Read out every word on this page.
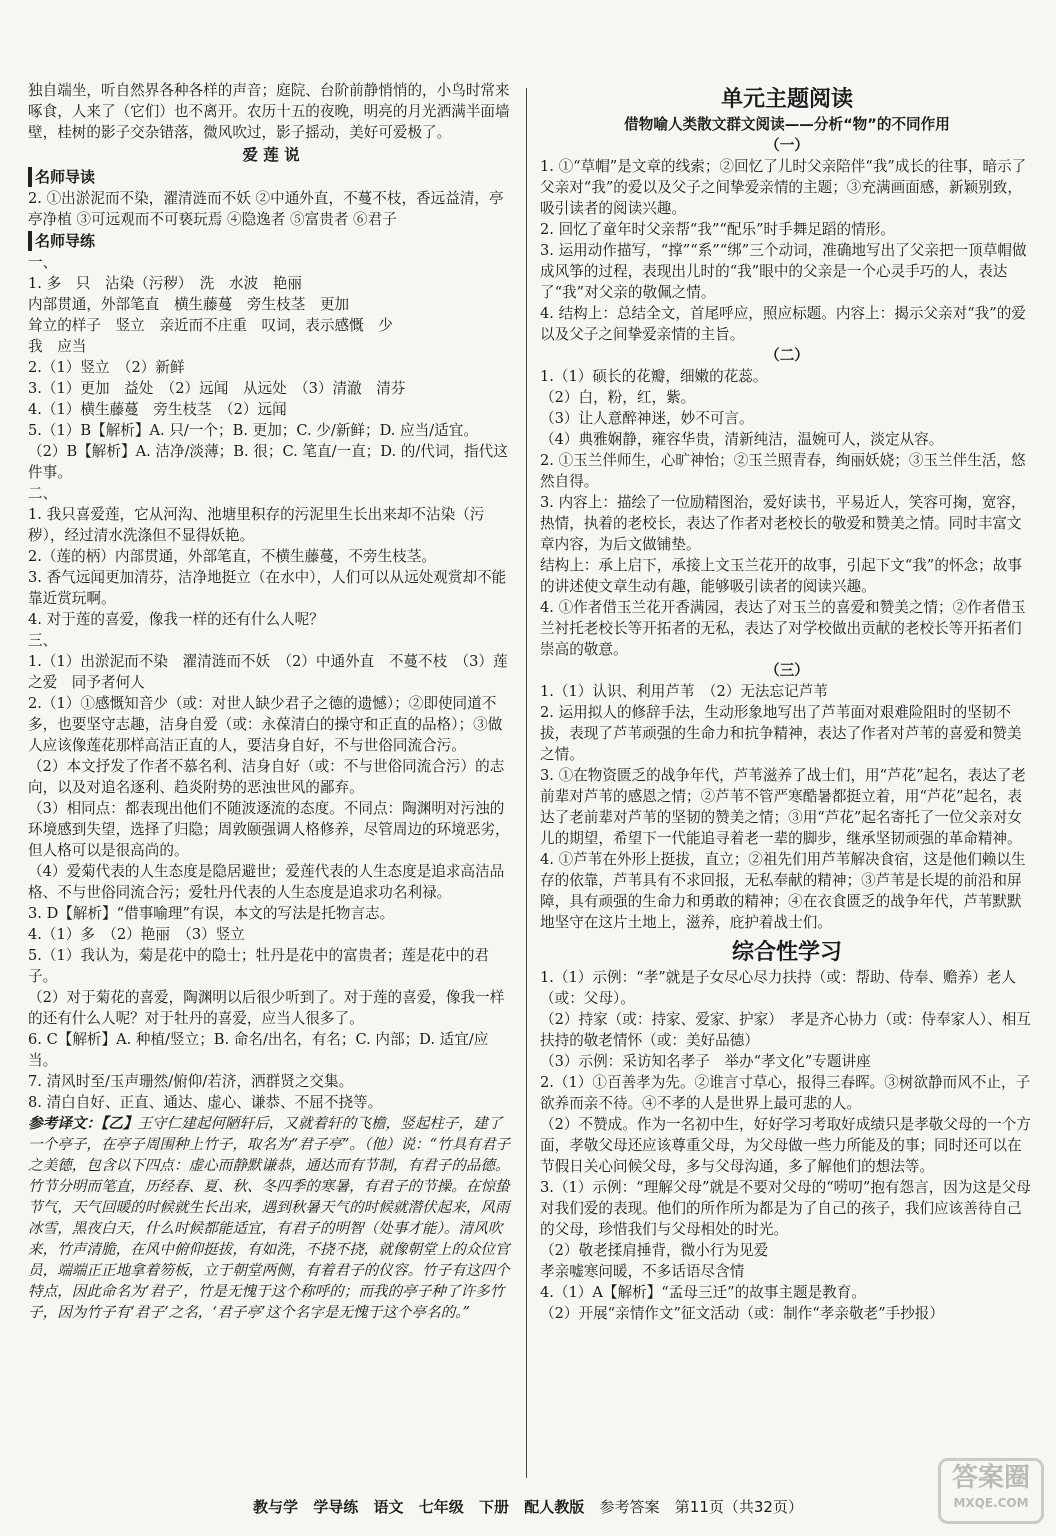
独自端坐，听自然界各种各样的声音；庭院、台阶前静悄悄的，小鸟时常来啄食，人来了（它们）也不离开。农历十五的夜晚，明亮的月光洒满半面墙壁，桂树的影子交杂错落，微风吹过，影子摇动，美好可爱极了。

爱 莲 说
名师导读

2. ①出淤泥而不染，濯清涟而不妖 ②中通外直，不蔓不枝，香远益清，亭亭净植 ③可远观而不可亵玩焉 ④隐逸者 ⑤富贵者 ⑥君子

名师导练

一、

1. 多　只　沾染（污秽）　洗　水波　艳丽

内部贯通，外部笔直　横生藤蔓　旁生枝茎　更加

耸立的样子　竖立　亲近而不庄重　叹词，表示感慨　少

我　应当

2.（1）竖立　（2）新鲜

3.（1）更加　益处　（2）远闻　从远处　（3）清澈　清芬

4.（1）横生藤蔓　旁生枝茎　（2）远闻

5.（1）B【解析】A. 只/一个；B. 更加；C. 少/新鲜；D. 应当/适宜。

（2）B【解析】A. 洁净/淡薄；B. 很；C. 笔直/一直；D. 的/代词，指代这件事。

二、

1. 我只喜爱莲，它从河沟、池塘里积存的污泥里生长出来却不沾染（污秽），经过清水洗涤但不显得妖艳。

2.（莲的柄）内部贯通，外部笔直，不横生藤蔓，不旁生枝茎。

3. 香气远闻更加清芬，洁净地挺立（在水中），人们可以从远处观赏却不能靠近赏玩啊。

4. 对于莲的喜爱，像我一样的还有什么人呢？

三、

1.（1）出淤泥而不染　濯清涟而不妖　（2）中通外直　不蔓不枝　（3）莲之爱　同予者何人

2.（1）①感慨知音少（或：对世人缺少君子之德的遗憾）；②即使同道不多，也要坚守志趣，洁身自爱（或：永葆清白的操守和正直的品格）；③做人应该像莲花那样高洁正直的人，要洁身自好，不与世俗同流合污。

（2）本文抒发了作者不慕名利、洁身自好（或：不与世俗同流合污）的志向，以及对追名逐利、趋炎附势的恶浊世风的鄙弃。

（3）相同点：都表现出他们不随波逐流的态度。不同点：陶渊明对污浊的环境感到失望，选择了归隐；周敦颐强调人格修养，尽管周边的环境恶劣，但人格可以是很高尚的。

（4）爱菊代表的人生态度是隐居避世；爱莲代表的人生态度是追求高洁品格、不与世俗同流合污；爱牡丹代表的人生态度是追求功名利禄。

3. D【解析】“借事喻理”有误，本文的写法是托物言志。

4.（1）多　（2）艳丽　（3）竖立

5.（1）我认为，菊是花中的隐士；牡丹是花中的富贵者；莲是花中的君子。

（2）对于菊花的喜爱，陶渊明以后很少听到了。对于莲的喜爱，像我一样的还有什么人呢？对于牡丹的喜爱，应当人很多了。

6. C【解析】A. 种植/竖立；B. 命名/出名，有名；C. 内部；D. 适宜/应当。

7. 清风时至/玉声珊然/俯仰/若济，洒群贤之交集。

8. 清白自好、正直、通达、虚心、谦恭、不屈不挠等。

参考译文：【乙】王守仁建起何陋轩后，又就着轩的飞檐，竖起柱子，建了一个亭子，在亭子周围种上竹子，取名为“君子亭”。（他）说：“竹具有君子之美德，包含以下四点：虚心而静默谦恭，通达而有节制，有君子的品德。竹节分明而笔直，历经春、夏、秋、冬四季的寒暑，有君子的节操。在惊蛰节气，天气回暖的时候就生长出来，遇到秋暑天气的时候就潜伏起来，风雨冰雪，黑夜白天，什么时候都能适宜，有君子的明智（处事才能）。清风吹来，竹声清脆，在风中俯仰挺拔，有如洗，不挠不挠，就像朝堂上的众位官员，端端正正地拿着笏板，立于朝堂两侧，有着君子的仪容。竹子有这四个特点，因此命名为‘君子’，竹是无愧于这个称呼的；而我的亭子种了许多竹子，因为竹子有‘君子’之名，‘君子亭’这个名字是无愧于这个亭名的。”

单元主题阅读
借物喻人类散文群文阅读——分析“物”的不同作用
（一）

1. ①“草帽”是文章的线索；②回忆了儿时父亲陪伴“我”成长的往事，暗示了父亲对“我”的爱以及父子之间挚爱亲情的主题；③充满画面感，新颖别致，吸引读者的阅读兴趣。

2. 回忆了童年时父亲帮“我”“配乐”时手舞足蹈的情形。

3. 运用动作描写，“撑”“系”“绑”三个动词，准确地写出了父亲把一顶草帽做成风筝的过程，表现出儿时的“我”眼中的父亲是一个心灵手巧的人，表达了“我”对父亲的敬佩之情。

4. 结构上：总结全文，首尾呼应，照应标题。内容上：揭示父亲对“我”的爱以及父子之间挚爱亲情的主旨。

（二）

1.（1）硕长的花瓣，细嫩的花蕊。

（2）白，粉，红，紫。

（3）让人意醉神迷，妙不可言。

（4）典雅娴静，雍容华贵，清新纯洁，温婉可人，淡定从容。

2. ①玉兰伴师生，心旷神怡；②玉兰照青春，绚丽妖娆；③玉兰伴生活，悠然自得。

3. 内容上：描绘了一位励精图治，爱好读书，平易近人，笑容可掬，宽容，热情，执着的老校长，表达了作者对老校长的敬爱和赞美之情。同时丰富文章内容，为后文做铺垫。

结构上：承上启下，承接上文玉兰花开的故事，引起下文“我”的怀念；故事的讲述使文章生动有趣，能够吸引读者的阅读兴趣。

4. ①作者借玉兰花开香满园，表达了对玉兰的喜爱和赞美之情；②作者借玉兰衬托老校长等开拓者的无私，表达了对学校做出贡献的老校长等开拓者们崇高的敬意。

（三）

1.（1）认识、利用芦苇　（2）无法忘记芦苇

2. 运用拟人的修辞手法，生动形象地写出了芦苇面对艰难险阻时的坚韧不拔，表现了芦苇顽强的生命力和抗争精神，表达了作者对芦苇的喜爱和赞美之情。

3. ①在物资匮乏的战争年代，芦苇滋养了战士们，用“芦花”起名，表达了老前辈对芦苇的感恩之情；②芦苇不管严寒酷暑都挺立着，用“芦花”起名，表达了老前辈对芦苇的坚韧的赞美之情；③用“芦花”起名寄托了一位父亲对女儿的期望，希望下一代能追寻着老一辈的脚步，继承坚韧顽强的革命精神。

4. ①芦苇在外形上挺拔，直立；②祖先们用芦苇解决食宿，这是他们赖以生存的依靠，芦苇具有不求回报，无私奉献的精神；③芦苇是长堤的前沿和屏障，具有顽强的生命力和勇敢的精神；④在衣食匮乏的战争年代，芦苇默默地坚守在这片土地上，滋养，庇护着战士们。

综合性学习

1.（1）示例：“孝”就是子女尽心尽力扶持（或：帮助、侍奉、赡养）老人（或：父母）。

（2）持家（或：持家、爱家、护家）　孝是齐心协力（或：侍奉家人）、相互扶持的敬老情怀（或：美好品德）

（3）示例：采访知名孝子　举办“孝文化”专题讲座

2.（1）①百善孝为先。②谁言寸草心，报得三春晖。③树欲静而风不止，子欲养而亲不待。④不孝的人是世界上最可悲的人。

（2）不赞成。作为一名初中生，好好学习考取好成绩只是孝敬父母的一个方面，孝敬父母还应该尊重父母，为父母做一些力所能及的事；同时还可以在节假日关心问候父母，多与父母沟通，多了解他们的想法等。

3.（1）示例：“理解父母”就是不要对父母的“唠叨”抱有怨言，因为这是父母对我们爱的表现。他们的所作所为都是为了自己的孩子，我们应该善待自己的父母，珍惜我们与父母相处的时光。

（2）敬老揉肩捶背，微小行为见爱

孝亲嘘寒问暖，不多话语尽含情

4.（1）A【解析】“孟母三迁”的故事主题是教育。

（2）开展“亲情作文”征文活动（或：制作“孝亲敬老”手抄报）

教与学 学导练 语文 七年级 下册 配人教版 参考答案 第11页（共32页）
答案圈
MXQE.COM
